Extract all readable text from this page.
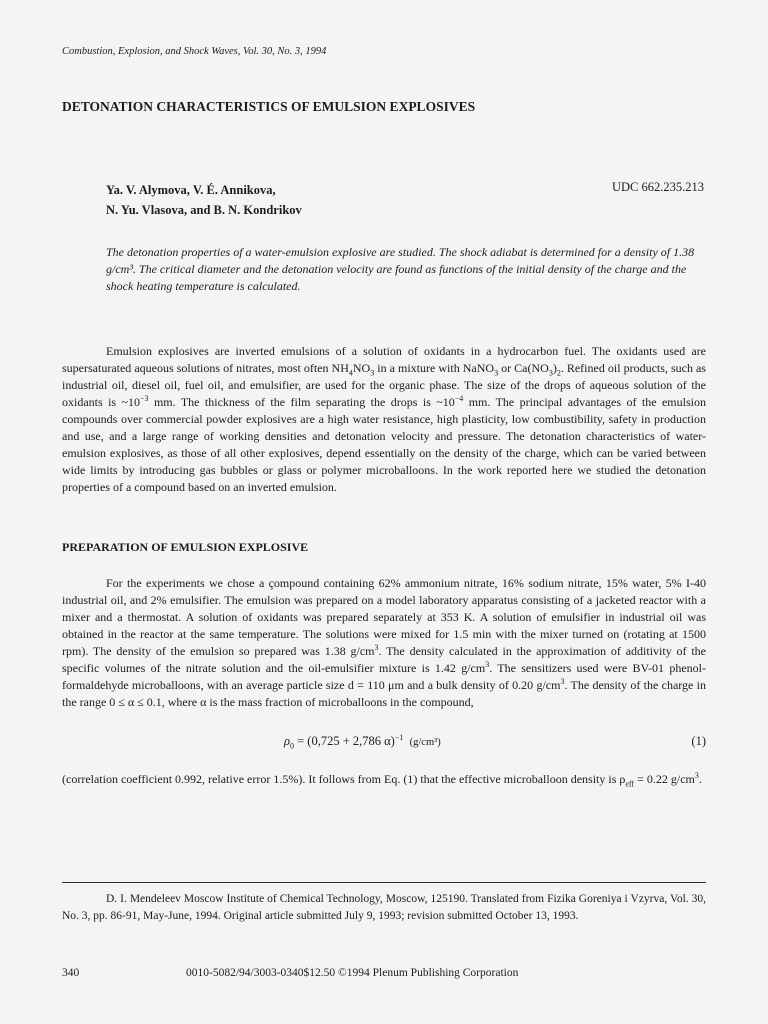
Combustion, Explosion, and Shock Waves, Vol. 30, No. 3, 1994
DETONATION CHARACTERISTICS OF EMULSION EXPLOSIVES
Ya. V. Alymova, V. É. Annikova,
N. Yu. Vlasova, and B. N. Kondrikov
UDC 662.235.213
The detonation properties of a water-emulsion explosive are studied. The shock adiabat is determined for a density of 1.38 g/cm³. The critical diameter and the detonation velocity are found as functions of the initial density of the charge and the shock heating temperature is calculated.
Emulsion explosives are inverted emulsions of a solution of oxidants in a hydrocarbon fuel. The oxidants used are supersaturated aqueous solutions of nitrates, most often $NH_4NO_3$ in a mixture with NaNO$_3$ or $Ca(NO_3)_2$. Refined oil products, such as industrial oil, diesel oil, fuel oil, and emulsifier, are used for the organic phase. The size of the drops of aqueous solution of the oxidants is $\sim 10^{-3}$ mm. The thickness of the film separating the drops is $\sim 10^{-4}$ mm. The principal advantages of the emulsion compounds over commercial powder explosives are a high water resistance, high plasticity, low combustibility, safety in production and use, and a large range of working densities and detonation velocity and pressure. The detonation characteristics of water-emulsion explosives, as those of all other explosives, depend essentially on the density of the charge, which can be varied between wide limits by introducing gas bubbles or glass or polymer microballoons. In the work reported here we studied the detonation properties of a compound based on an inverted emulsion.
PREPARATION OF EMULSION EXPLOSIVE
For the experiments we chose a çompound containing 62% ammonium nitrate, 16% sodium nitrate, 15% water, 5% I-40 industrial oil, and 2% emulsifier. The emulsion was prepared on a model laboratory apparatus consisting of a jacketed reactor with a mixer and a thermostat. A solution of oxidants was prepared separately at 353 K. A solution of emulsifier in industrial oil was obtained in the reactor at the same temperature. The solutions were mixed for 1.5 min with the mixer turned on (rotating at 1500 rpm). The density of the emulsion so prepared was 1.38 $g/cm^3$. The density calculated in the approximation of additivity of the specific volumes of the nitrate solution and the oil-emulsifier mixture is 1.42 $g/cm^3$. The sensitizers used were BV-01 phenol-formaldehyde microballoons, with an average particle size d = 110 μm and a bulk density of 0.20 $g/cm^3$. The density of the charge in the range 0 ≤ α ≤ 0.1, where α is the mass fraction of microballoons in the compound,
$\rho_0 = (0,725 + 2,786$ α)$^{-1}$ (g/cm³)	(1)
(correlation coefficient 0.992, relative error 1.5%). It follows from Eq. (1) that the effective microballoon density is $\rho_{eff} = 0.22$ $g/cm^3$.
D. I. Mendeleev Moscow Institute of Chemical Technology, Moscow, 125190. Translated from Fizika Goreniya i Vzyrva, Vol. 30, No. 3, pp. 86-91, May-June, 1994. Original article submitted July 9, 1993; revision submitted October 13, 1993.
340	0010-5082/94/3003-0340$12.50 ©1994 Plenum Publishing Corporation
